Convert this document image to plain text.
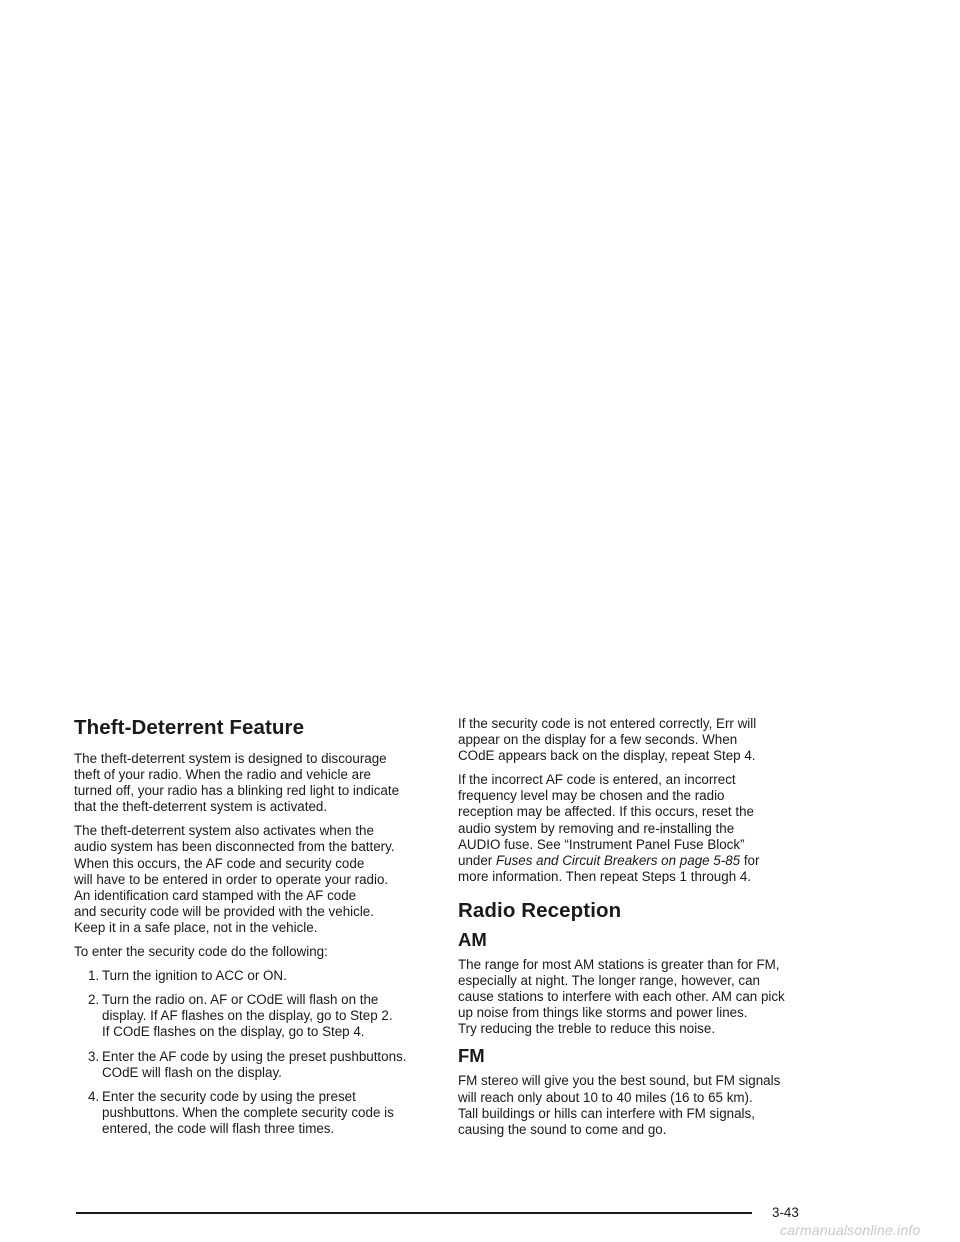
Theft-Deterrent Feature

The theft-deterrent system is designed to discourage
theft of your radio. When the radio and vehicle are
turned off, your radio has a blinking red light to indicate
that the theft-deterrent system is activated.

The theft-deterrent system also activates when the
audio system has been disconnected from the battery.
When this occurs, the AF code and security code
will have to be entered in order to operate your radio.
An identification card stamped with the AF code
and security code will be provided with the vehicle.
Keep it in a safe place, not in the vehicle.

To enter the security code do the following:

1. Turn the ignition to ACC or ON.
2. Turn the radio on. AF or COdE will flash on the
display. If AF flashes on the display, go to Step 2.
If COdE flashes on the display, go to Step 4.
3. Enter the AF code by using the preset pushbuttons.
COdE will flash on the display.
4. Enter the security code by using the preset
pushbuttons. When the complete security code is
entered, the code will flash three times.

If the security code is not entered correctly, Err will
appear on the display for a few seconds. When
COdE appears back on the display, repeat Step 4.

If the incorrect AF code is entered, an incorrect
frequency level may be chosen and the radio
reception may be affected. If this occurs, reset the
audio system by removing and re-installing the
AUDIO fuse. See “Instrument Panel Fuse Block”
under Fuses and Circuit Breakers on page 5-85 for
more information. Then repeat Steps 1 through 4.

Radio Reception
AM

The range for most AM stations is greater than for FM,
especially at night. The longer range, however, can
cause stations to interfere with each other. AM can pick
up noise from things like storms and power lines.
Try reducing the treble to reduce this noise.

FM

FM stereo will give you the best sound, but FM signals
will reach only about 10 to 40 miles (16 to 65 km).
Tall buildings or hills can interfere with FM signals,
causing the sound to come and go.

3-43
carmanualsonline.info
